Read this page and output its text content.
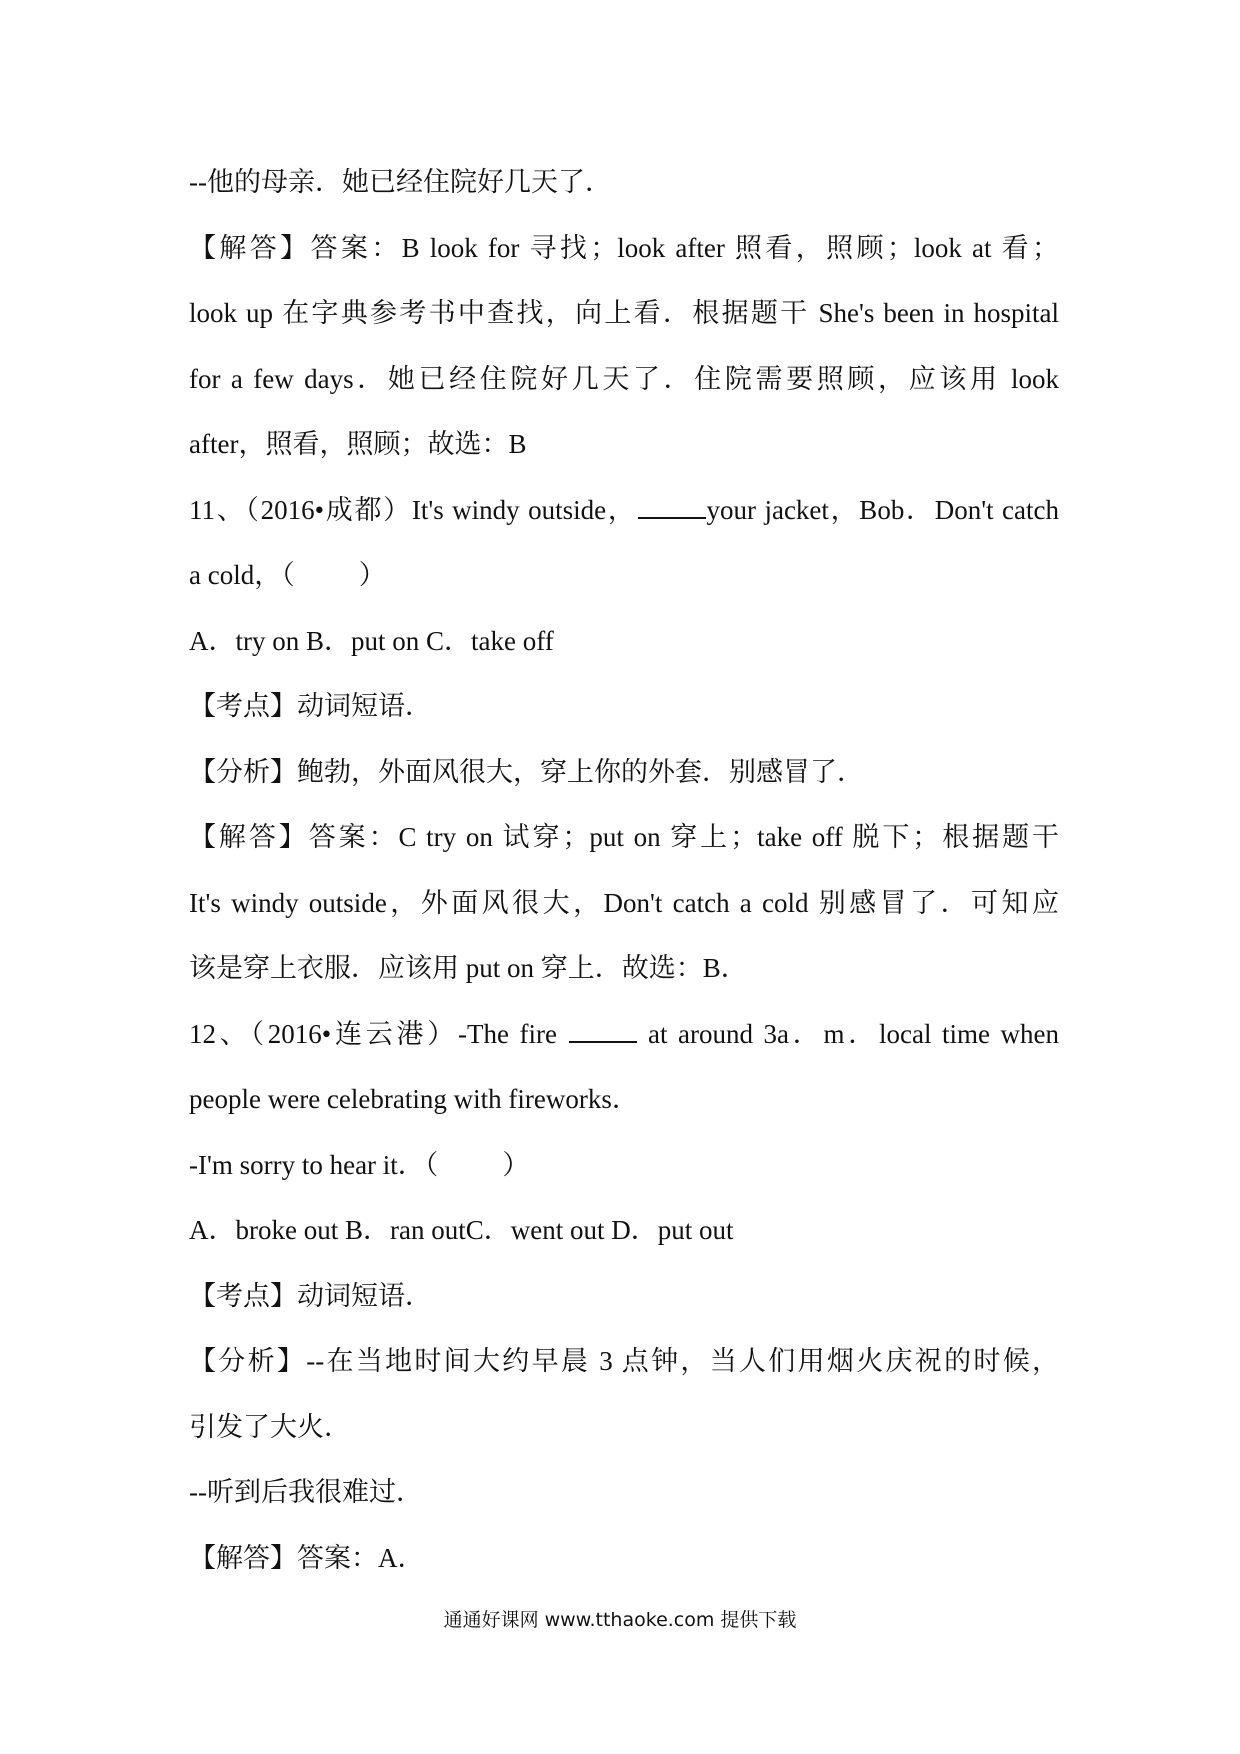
--他的母亲．她已经住院好几天了．
【解答】答案：B look for 寻找；look after 照看，照顾；look at 看；
look up 在字典参考书中查找，向上看．根据题干 She's been in hospital
for a few days．她已经住院好几天了．住院需要照顾，应该用 look
after，照看，照顾；故选：B
11、（2016•成都）It's windy outside，	your jacket，Bob．Don't catch
a cold，（ ）
A．try on B．put on C．take off
【考点】动词短语．
【分析】鲍勃，外面风很大，穿上你的外套．别感冒了．
【解答】答案：C try on 试穿；put on 穿上；take off 脱下；根据题干
It's windy outside，外面风很大，Don't catch a cold 别感冒了．可知应
该是穿上衣服．应该用 put on 穿上．故选：B．
12、（2016•连云港）-The fire	at around 3a．m．local time when
people were celebrating with fireworks．
-I'm sorry to hear it．（ ）
A．broke out B．ran outC．went out D．put out
【考点】动词短语．
【分析】--在当地时间大约早晨 3 点钟，当人们用烟火庆祝的时候，
引发了大火．
--听到后我很难过．
【解答】答案：A．
通通好课网 www.tthaoke.com 提供下载
